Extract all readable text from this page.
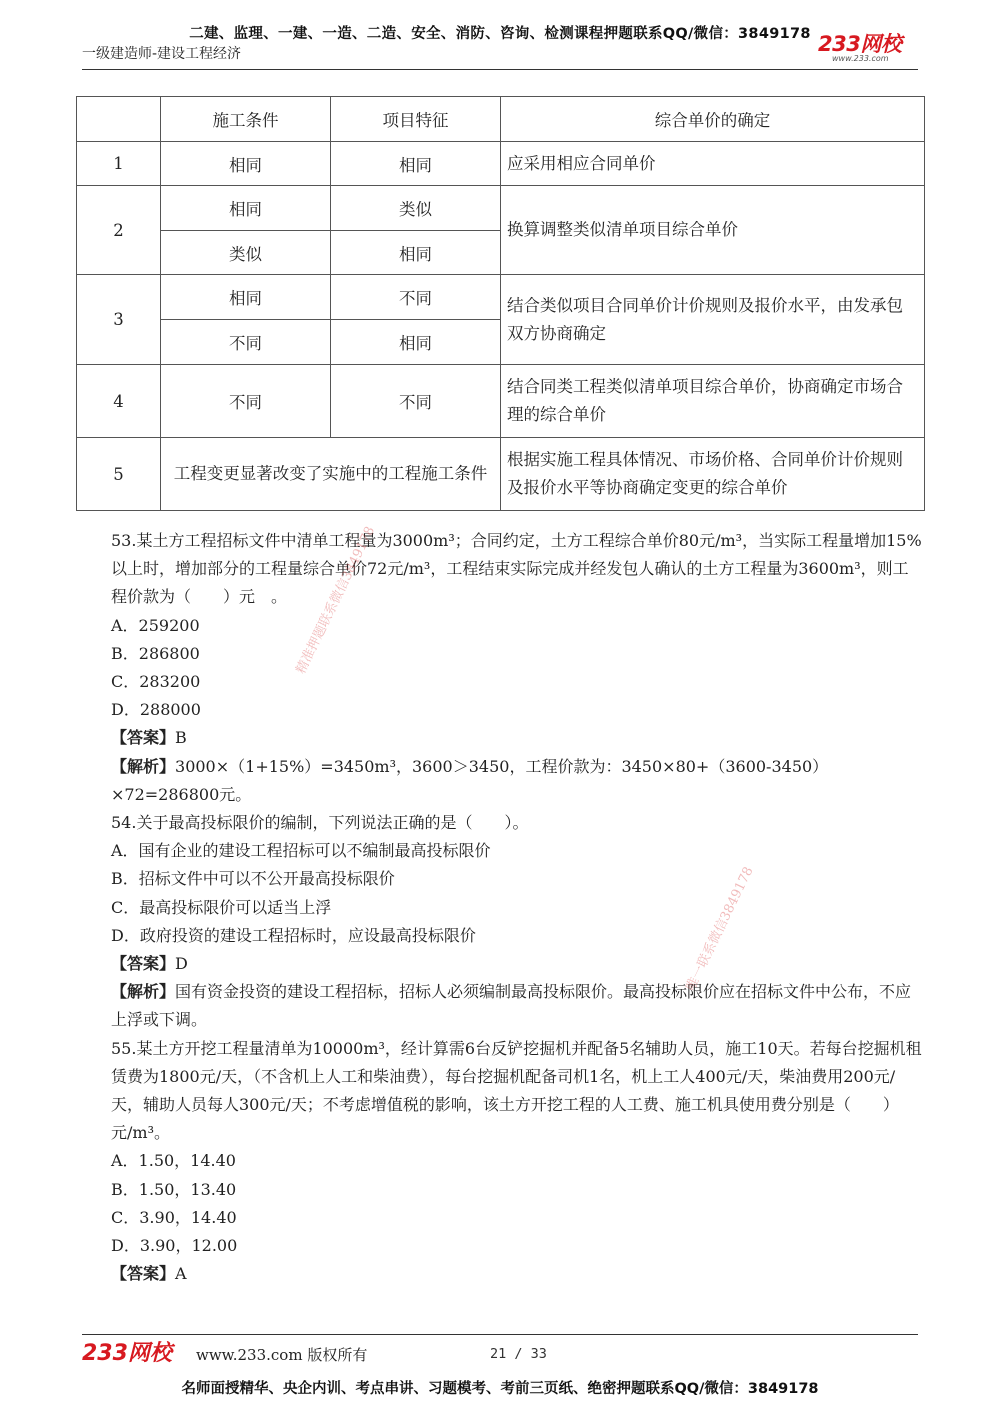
二建、监理、一建、一造、二造、安全、消防、咨询、检测课程押题联系QQ/微信：3849178
一级建造师-建设工程经济	233网校
www.233.com
	施工条件	项目特征	综合单价的确定
1	相同	相同	应采用相应合同单价
2	相同	类似	换算调整类似清单项目综合单价
	类似	相同	
3	相同	不同	结合类似项目合同单价计价规则及报价水平，由发承包双方协商确定
	不同	相同	
4	不同	不同	结合同类工程类似清单项目综合单价，协商确定市场合理的综合单价
5	工程变更显著改变了实施中的工程施工条件		根据实施工程具体情况、市场价格、合同单价计价规则及报价水平等协商确定变更的综合单价

53.某土方工程招标文件中清单工程量为3000m³；合同约定，土方工程综合单价80元/m³，当实际工程量增加15%以上时，增加部分的工程量综合单价72元/m³，工程结束实际完成并经发包人确认的土方工程量为3600m³，则工程价款为（　　）元　。

A．259200

B．286800

C．283200

D．288000

【答案】B

【解析】3000×（1+15%）=3450m³，3600＞3450，工程价款为：3450×80+（3600-3450）×72=286800元。

54.关于最高投标限价的编制，下列说法正确的是（　　）。

A．国有企业的建设工程招标可以不编制最高投标限价

B．招标文件中可以不公开最高投标限价

C．最高投标限价可以适当上浮

D．政府投资的建设工程招标时，应设最高投标限价

【答案】D

【解析】国有资金投资的建设工程招标，招标人必须编制最高投标限价。最高投标限价应在招标文件中公布，不应上浮或下调。

55.某土方开挖工程量清单为10000m³，经计算需6台反铲挖掘机并配备5名辅助人员，施工10天。若每台挖掘机租赁费为1800元/天，（不含机上人工和柴油费），每台挖掘机配备司机1名，机上工人400元/天，柴油费用200元/天，辅助人员每人300元/天；不考虑增值税的影响，该土方开挖工程的人工费、施工机具使用费分别是（　　）元/m³。

A．1.50，14.40

B．1.50，13.40

C．3.90，14.40

D．3.90，12.00

【答案】A

精准押题联系微信3849178
唯一联系微信3849178
233网校 www.233.com 版权所有	21 / 33
名师面授精华、央企内训、考点串讲、习题模考、考前三页纸、绝密押题联系QQ/微信：3849178
